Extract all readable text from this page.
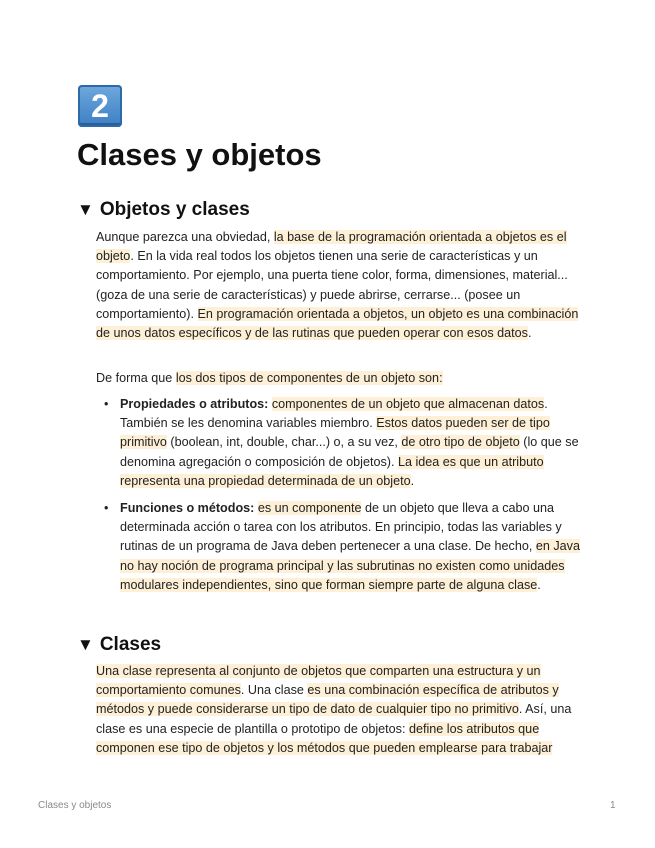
2
Clases y objetos
▼ Objetos y clases

Aunque parezca una obviedad, la base de la programación orientada a objetos es el objeto. En la vida real todos los objetos tienen una serie de características y un comportamiento. Por ejemplo, una puerta tiene color, forma, dimensiones, material... (goza de una serie de características) y puede abrirse, cerrarse... (posee un comportamiento). En programación orientada a objetos, un objeto es una combinación de unos datos específicos y de las rutinas que pueden operar con esos datos.

De forma que los dos tipos de componentes de un objeto son:

• Propiedades o atributos: componentes de un objeto que almacenan datos. También se les denomina variables miembro. Estos datos pueden ser de tipo primitivo (boolean, int, double, char...) o, a su vez, de otro tipo de objeto (lo que se denomina agregación o composición de objetos). La idea es que un atributo representa una propiedad determinada de un objeto.
• Funciones o métodos: es un componente de un objeto que lleva a cabo una determinada acción o tarea con los atributos. En principio, todas las variables y rutinas de un programa de Java deben pertenecer a una clase. De hecho, en Java no hay noción de programa principal y las subrutinas no existen como unidades modulares independientes, sino que forman siempre parte de alguna clase.
▼ Clases

Una clase representa al conjunto de objetos que comparten una estructura y un comportamiento comunes. Una clase es una combinación específica de atributos y métodos y puede considerarse un tipo de dato de cualquier tipo no primitivo. Así, una clase es una especie de plantilla o prototipo de objetos: define los atributos que componen ese tipo de objetos y los métodos que pueden emplearse para trabajar

Clases y objetos	1
